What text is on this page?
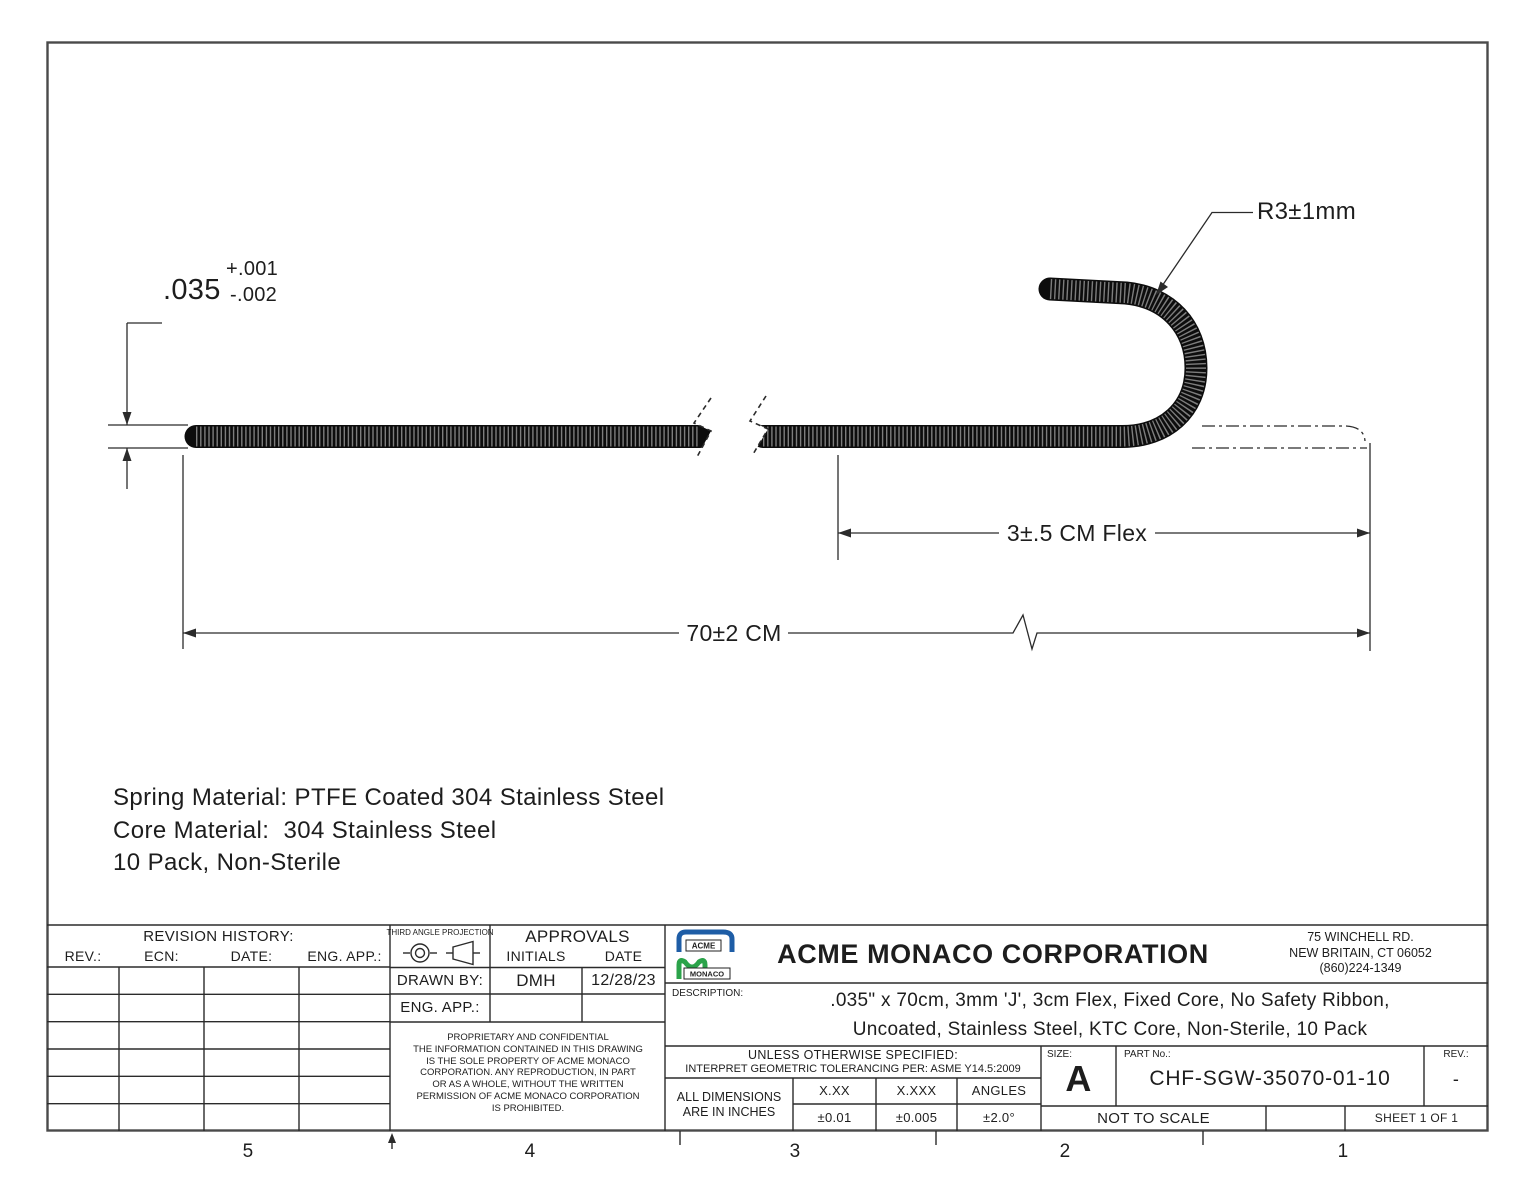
.035
+.001
-.002
R3±1mm
3±.5 CM Flex
70±2 CM
Spring Material: PTFE Coated 304 Stainless Steel
Core Material:  304 Stainless Steel
10 Pack, Non-Sterile
REVISION HISTORY:
REV.:	ECN:	DATE:	ENG. APP.:
THIRD ANGLE PROJECTION	APPROVALS
INITIALS	DATE
DRAWN BY:	DMH	12/28/23
ENG. APP.:
PROPRIETARY AND CONFIDENTIAL
THE INFORMATION CONTAINED IN THIS DRAWING
IS THE SOLE PROPERTY OF ACME MONACO
CORPORATION. ANY REPRODUCTION, IN PART
OR AS A WHOLE, WITHOUT THE WRITTEN
PERMISSION OF ACME MONACO CORPORATION
IS PROHIBITED.
ACME
MONACO
ACME MONACO CORPORATION
75 WINCHELL RD.
NEW BRITAIN, CT 06052
(860)224-1349
DESCRIPTION:	.035" x 70cm, 3mm 'J', 3cm Flex, Fixed Core, No Safety Ribbon,
Uncoated, Stainless Steel, KTC Core, Non-Sterile, 10 Pack
UNLESS OTHERWISE SPECIFIED:
INTERPRET GEOMETRIC TOLERANCING PER: ASME Y14.5:2009
ALL DIMENSIONS
ARE IN INCHES
X.XX	X.XXX	ANGLES
±0.01	±0.005	±2.0°
SIZE:
A
PART No.:
CHF-SGW-35070-01-10
REV.:
-
NOT TO SCALE	SHEET 1 OF 1
5	4	3	2	1
